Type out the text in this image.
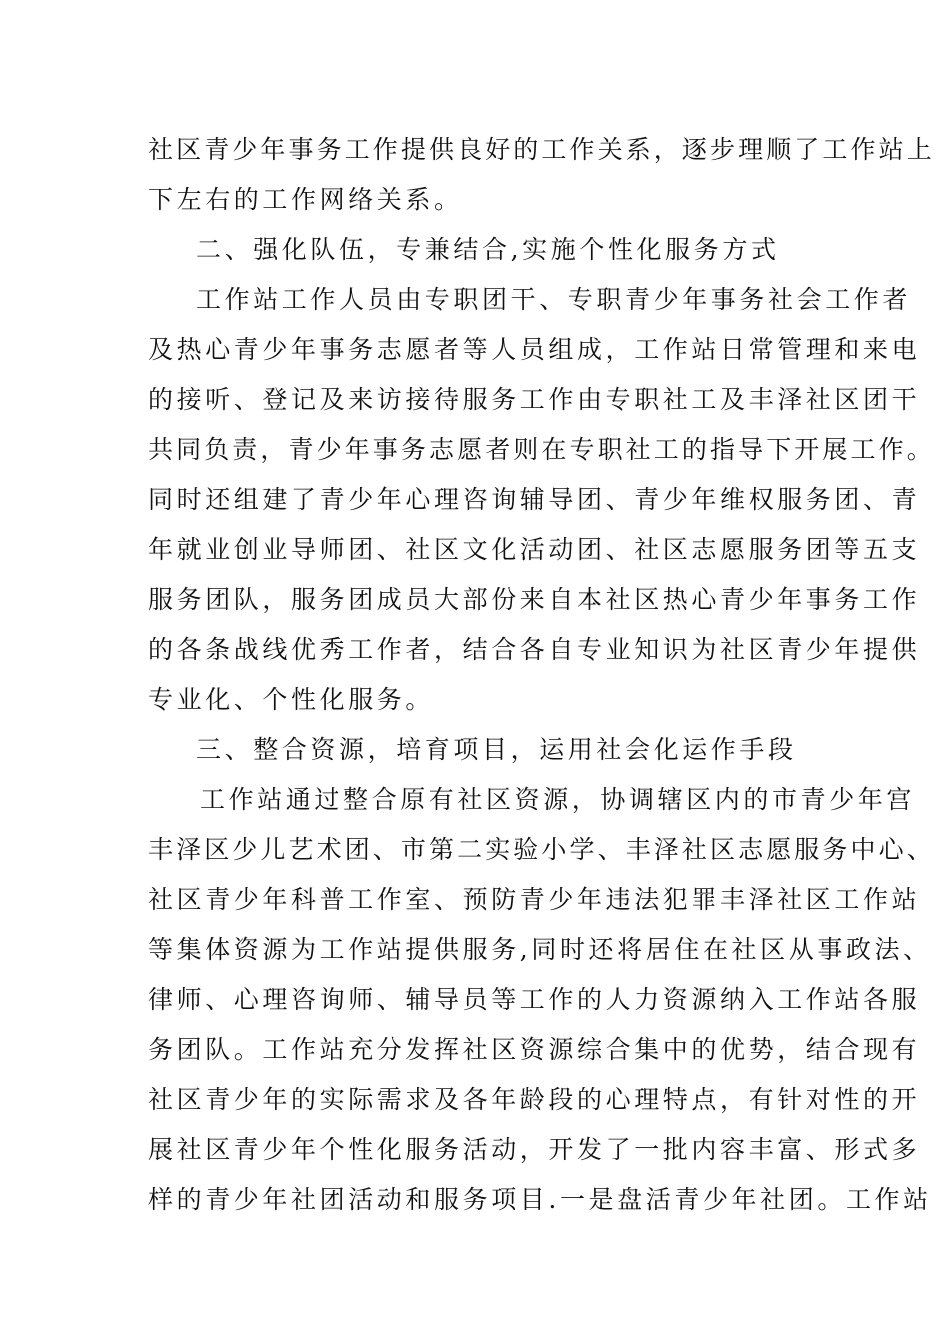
社区青少年事务工作提供良好的工作关系，逐步理顺了工作站上
下左右的工作网络关系。
二、强化队伍，专兼结合,实施个性化服务方式
工作站工作人员由专职团干、专职青少年事务社会工作者
及热心青少年事务志愿者等人员组成，工作站日常管理和来电
的接听、登记及来访接待服务工作由专职社工及丰泽社区团干
共同负责，青少年事务志愿者则在专职社工的指导下开展工作。
同时还组建了青少年心理咨询辅导团、青少年维权服务团、青
年就业创业导师团、社区文化活动团、社区志愿服务团等五支
服务团队，服务团成员大部份来自本社区热心青少年事务工作
的各条战线优秀工作者，结合各自专业知识为社区青少年提供
专业化、个性化服务。
三、整合资源，培育项目，运用社会化运作手段
工作站通过整合原有社区资源，协调辖区内的市青少年宫
丰泽区少儿艺术团、市第二实验小学、丰泽社区志愿服务中心、
社区青少年科普工作室、预防青少年违法犯罪丰泽社区工作站
等集体资源为工作站提供服务,同时还将居住在社区从事政法、
律师、心理咨询师、辅导员等工作的人力资源纳入工作站各服
务团队。工作站充分发挥社区资源综合集中的优势，结合现有
社区青少年的实际需求及各年龄段的心理特点，有针对性的开
展社区青少年个性化服务活动，开发了一批内容丰富、形式多
样的青少年社团活动和服务项目.一是盘活青少年社团。工作站
